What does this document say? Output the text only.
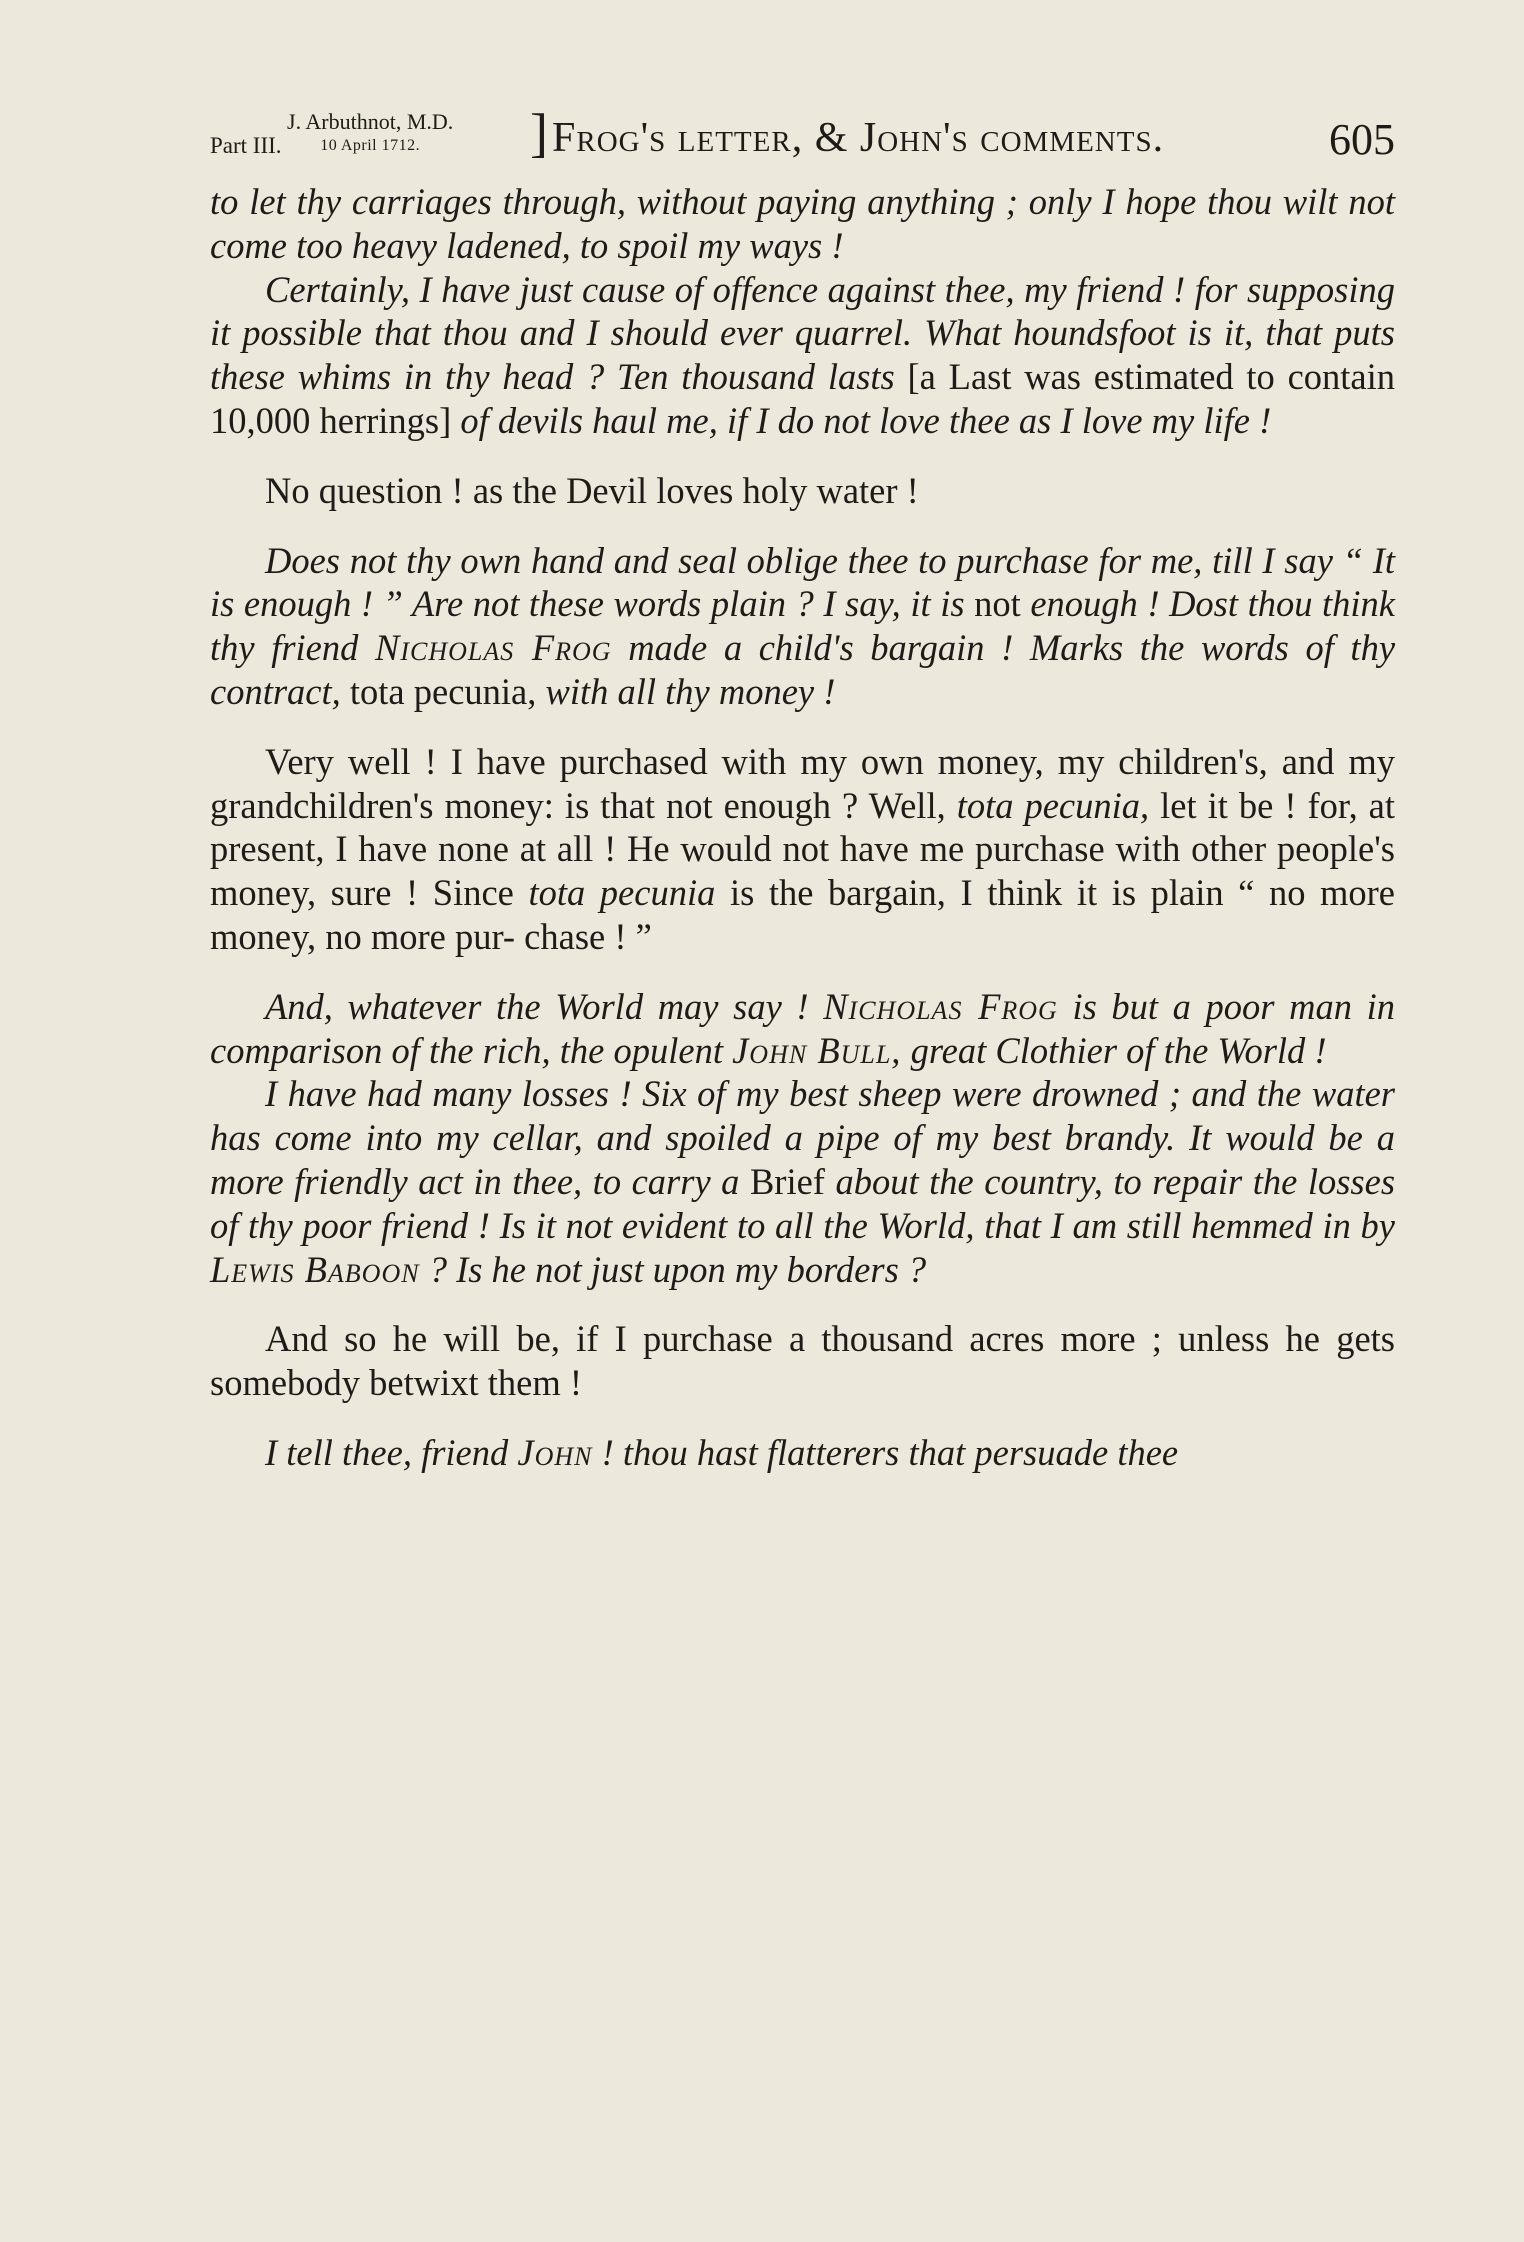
Part III.
J. Arbuthnot, M.D.
10 April 1712.	] Frog's letter, & John's comments.	605

to let thy carriages through, without paying anything ; only I hope thou wilt not come too heavy ladened, to spoil my ways !

Certainly, I have just cause of offence against thee, my friend ! for supposing it possible that thou and I should ever quarrel. What houndsfoot is it, that puts these whims in thy head ? Ten thousand lasts [a Last was estimated to contain 10,000 herrings] of devils haul me, if I do not love thee as I love my life !

No question ! as the Devil loves holy water !

Does not thy own hand and seal oblige thee to purchase for me, till I say “ It is enough ! ” Are not these words plain ? I say, it is not enough ! Dost thou think thy friend Nicholas Frog made a child's bargain ! Marks the words of thy contract, tota pecunia, with all thy money !

Very well ! I have purchased with my own money, my children's, and my grandchildren's money: is that not enough ? Well, tota pecunia, let it be ! for, at present, I have none at all ! He would not have me purchase with other people's money, sure ! Since tota pecunia is the bargain, I think it is plain “ no more money, no more pur- chase ! ”

And, whatever the World may say ! Nicholas Frog is but a poor man in comparison of the rich, the opulent John Bull, great Clothier of the World !

I have had many losses ! Six of my best sheep were drowned ; and the water has come into my cellar, and spoiled a pipe of my best brandy. It would be a more friendly act in thee, to carry a Brief about the country, to repair the losses of thy poor friend ! Is it not evident to all the World, that I am still hemmed in by Lewis Baboon ? Is he not just upon my borders ?

And so he will be, if I purchase a thousand acres more ; unless he gets somebody betwixt them !

I tell thee, friend John ! thou hast flatterers that persuade thee
